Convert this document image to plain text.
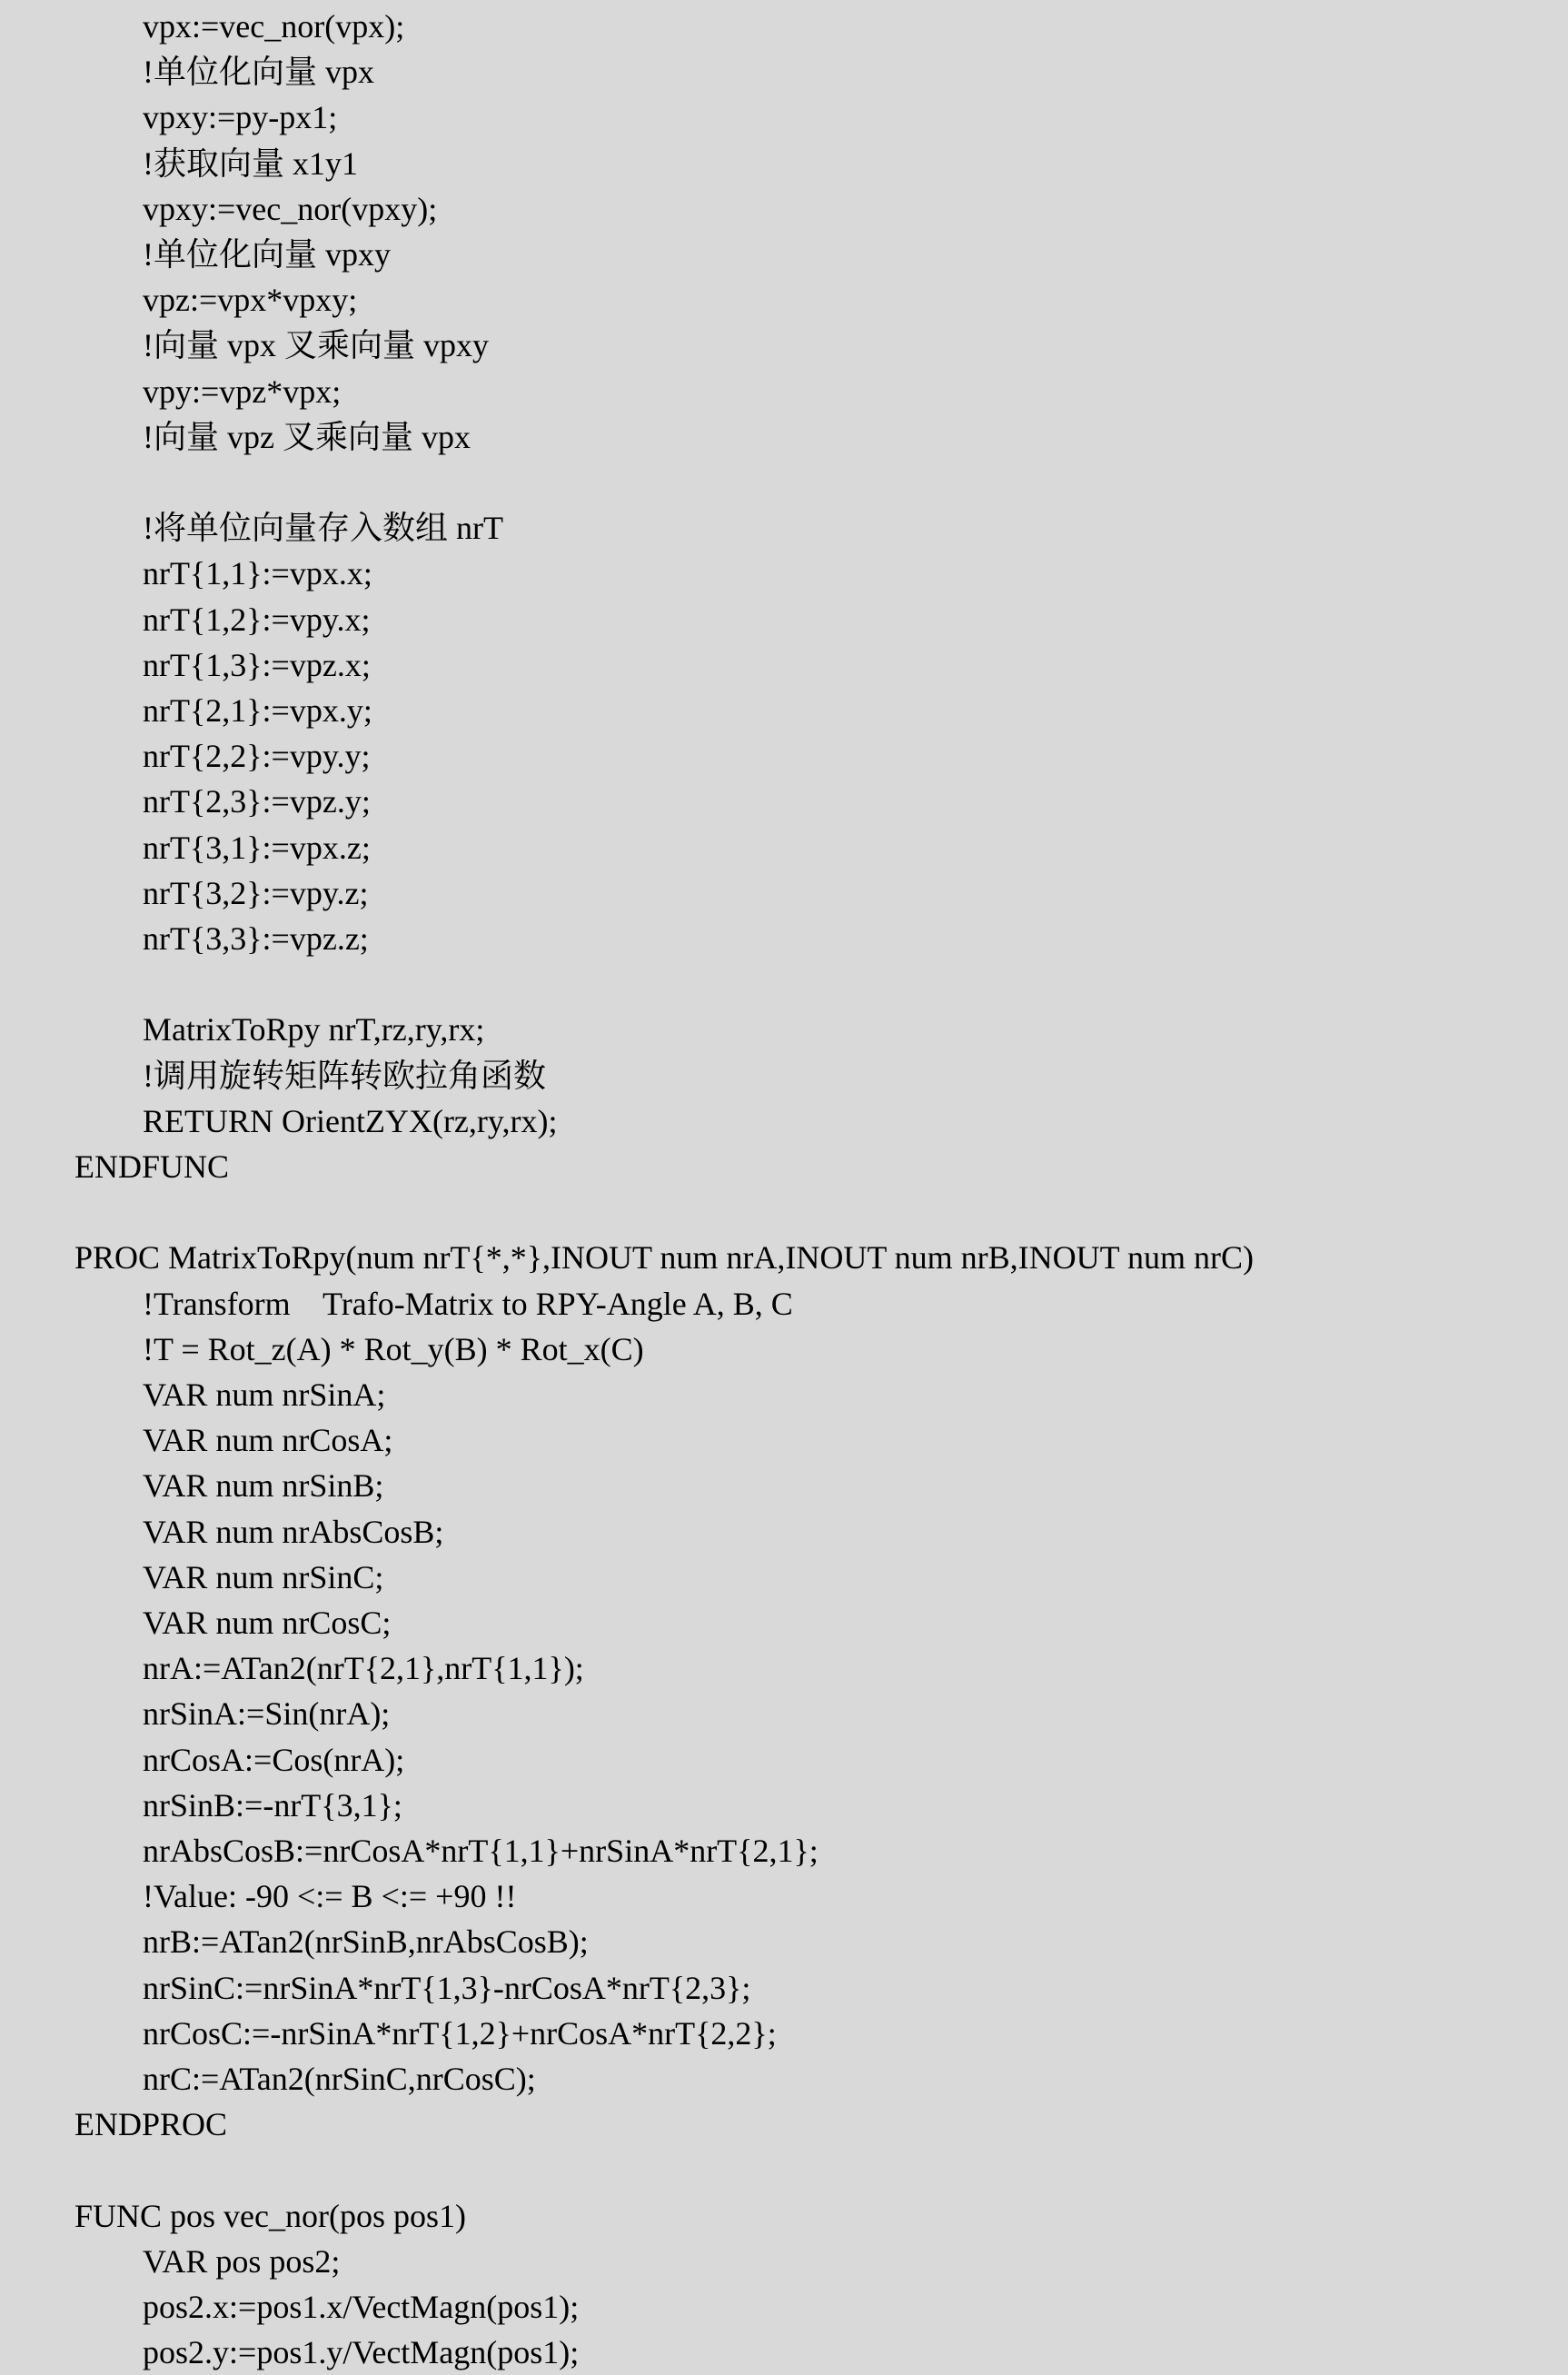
vpx:=vec_nor(vpx);
!单位化向量 vpx
vpxy:=py-px1;
!获取向量 x1y1
vpxy:=vec_nor(vpxy);
!单位化向量 vpxy
vpz:=vpx*vpxy;
!向量 vpx 叉乘向量 vpxy
vpy:=vpz*vpx;
!向量 vpz 叉乘向量 vpx
!将单位向量存入数组 nrT
nrT{1,1}:=vpx.x;
nrT{1,2}:=vpy.x;
nrT{1,3}:=vpz.x;
nrT{2,1}:=vpx.y;
nrT{2,2}:=vpy.y;
nrT{2,3}:=vpz.y;
nrT{3,1}:=vpx.z;
nrT{3,2}:=vpy.z;
nrT{3,3}:=vpz.z;
MatrixToRpy nrT,rz,ry,rx;
!调用旋转矩阵转欧拉角函数
RETURN OrientZYX(rz,ry,rx);
ENDFUNC
PROC MatrixToRpy(num nrT{*,*},INOUT num nrA,INOUT num nrB,INOUT num nrC)
!Transform    Trafo-Matrix to RPY-Angle A, B, C
!T = Rot_z(A) * Rot_y(B) * Rot_x(C)
VAR num nrSinA;
VAR num nrCosA;
VAR num nrSinB;
VAR num nrAbsCosB;
VAR num nrSinC;
VAR num nrCosC;
nrA:=ATan2(nrT{2,1},nrT{1,1});
nrSinA:=Sin(nrA);
nrCosA:=Cos(nrA);
nrSinB:=-nrT{3,1};
nrAbsCosB:=nrCosA*nrT{1,1}+nrSinA*nrT{2,1};
!Value: -90 <:= B <:= +90 !!
nrB:=ATan2(nrSinB,nrAbsCosB);
nrSinC:=nrSinA*nrT{1,3}-nrCosA*nrT{2,3};
nrCosC:=-nrSinA*nrT{1,2}+nrCosA*nrT{2,2};
nrC:=ATan2(nrSinC,nrCosC);
ENDPROC
FUNC pos vec_nor(pos pos1)
VAR pos pos2;
pos2.x:=pos1.x/VectMagn(pos1);
pos2.y:=pos1.y/VectMagn(pos1);
